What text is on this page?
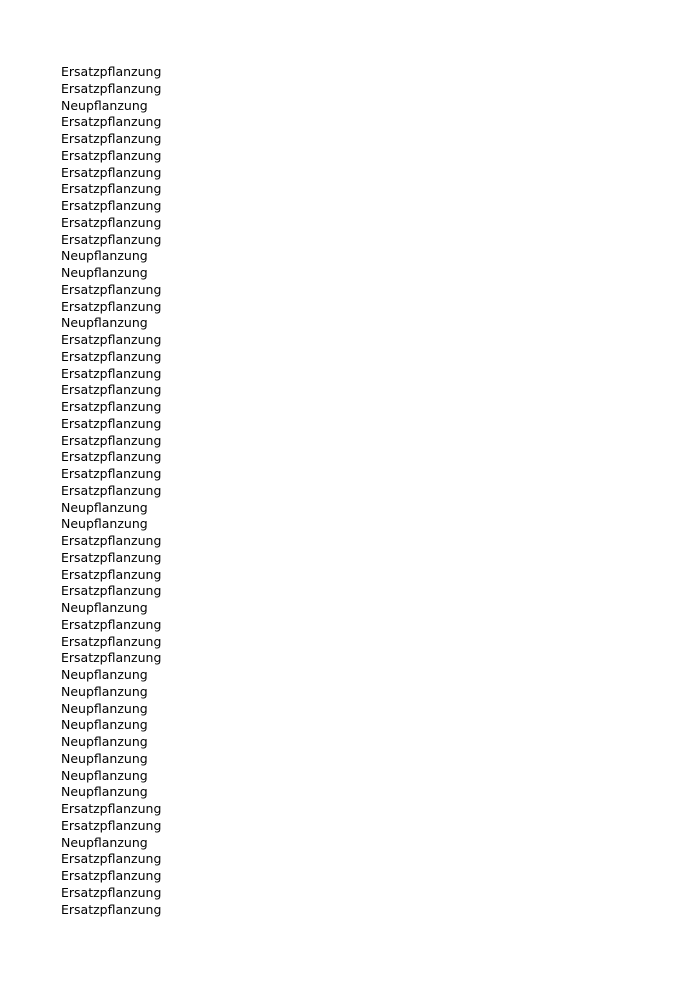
Ersatzpflanzung
Ersatzpflanzung
Neupflanzung
Ersatzpflanzung
Ersatzpflanzung
Ersatzpflanzung
Ersatzpflanzung
Ersatzpflanzung
Ersatzpflanzung
Ersatzpflanzung
Ersatzpflanzung
Neupflanzung
Neupflanzung
Ersatzpflanzung
Ersatzpflanzung
Neupflanzung
Ersatzpflanzung
Ersatzpflanzung
Ersatzpflanzung
Ersatzpflanzung
Ersatzpflanzung
Ersatzpflanzung
Ersatzpflanzung
Ersatzpflanzung
Ersatzpflanzung
Ersatzpflanzung
Neupflanzung
Neupflanzung
Ersatzpflanzung
Ersatzpflanzung
Ersatzpflanzung
Ersatzpflanzung
Neupflanzung
Ersatzpflanzung
Ersatzpflanzung
Ersatzpflanzung
Neupflanzung
Neupflanzung
Neupflanzung
Neupflanzung
Neupflanzung
Neupflanzung
Neupflanzung
Neupflanzung
Ersatzpflanzung
Ersatzpflanzung
Neupflanzung
Ersatzpflanzung
Ersatzpflanzung
Ersatzpflanzung
Ersatzpflanzung
